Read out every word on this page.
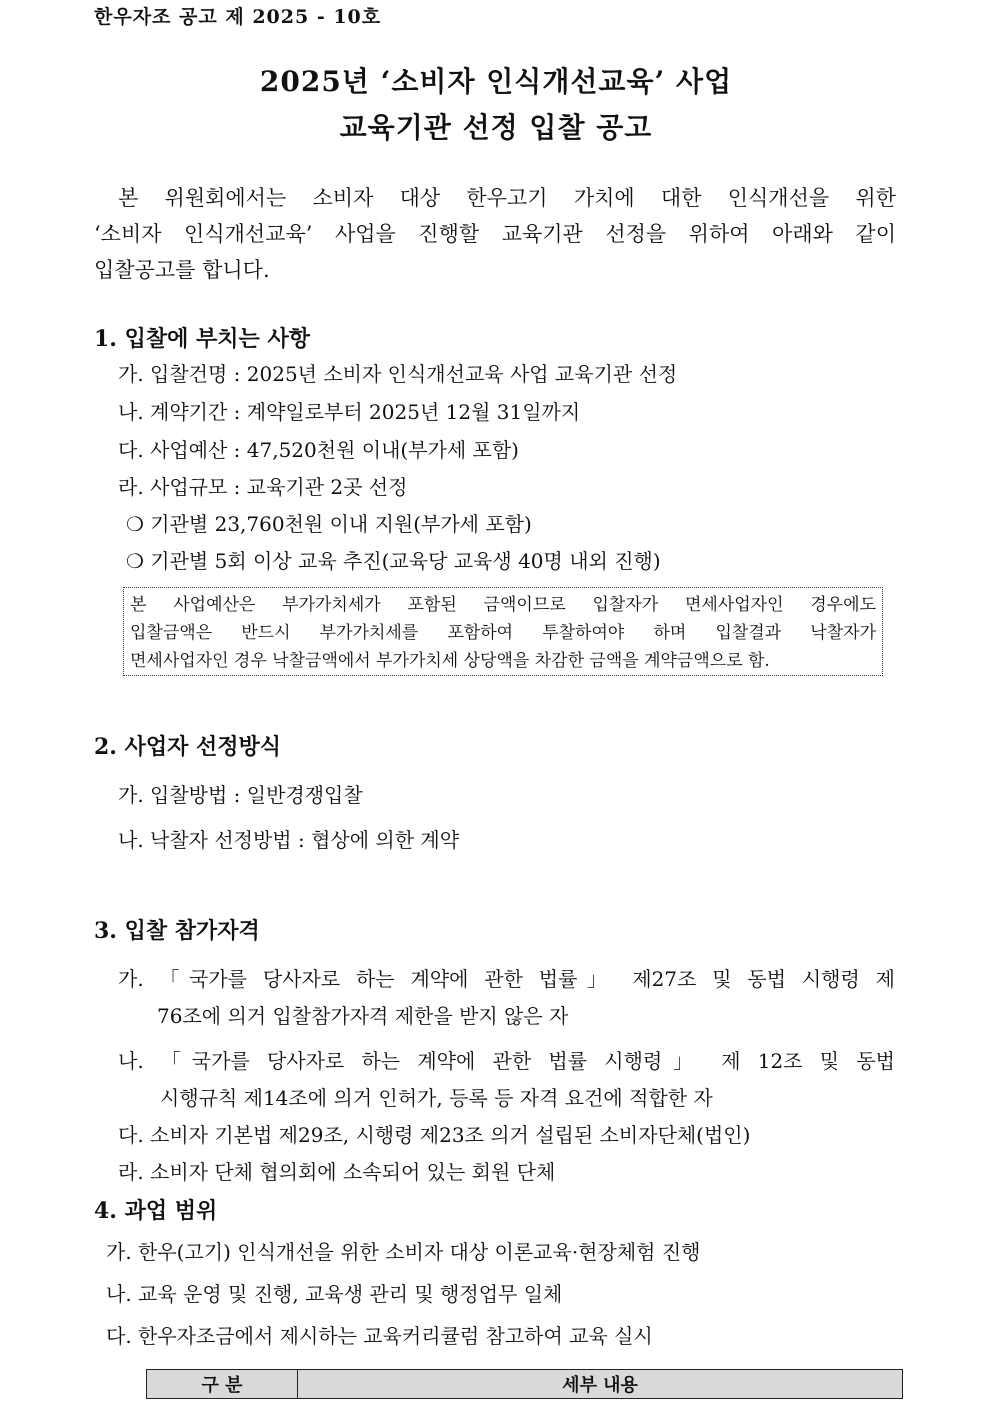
한우자조 공고 제 2025 - 10호
2025년 ‘소비자 인식개선교육’ 사업
교육기관 선정 입찰 공고
본 위원회에서는 소비자 대상 한우고기 가치에 대한 인식개선을 위한
‘소비자 인식개선교육’ 사업을 진행할 교육기관 선정을 위하여 아래와 같이
입찰공고를 합니다.
1. 입찰에 부치는 사항
가. 입찰건명 : 2025년 소비자 인식개선교육 사업 교육기관 선정
나. 계약기간 : 계약일로부터 2025년 12월 31일까지
다. 사업예산 : 47,520천원 이내(부가세 포함)
라. 사업규모 : 교육기관 2곳 선정
❍ 기관별 23,760천원 이내 지원(부가세 포함)
❍ 기관별 5회 이상 교육 추진(교육당 교육생 40명 내외 진행)
본 사업예산은 부가가치세가 포함된 금액이므로 입찰자가 면세사업자인 경우에도
입찰금액은 반드시 부가가치세를 포함하여 투찰하여야 하며 입찰결과 낙찰자가
면세사업자인 경우 낙찰금액에서 부가가치세 상당액을 차감한 금액을 계약금액으로 함.
2. 사업자 선정방식
가. 입찰방법 : 일반경쟁입찰
나. 낙찰자 선정방법 : 협상에 의한 계약
3. 입찰 참가자격
가. 「국가를 당사자로 하는 계약에 관한 법률」 제27조 및 동법 시행령 제
76조에 의거 입찰참가자격 제한을 받지 않은 자
나. 「국가를 당사자로 하는 계약에 관한 법률 시행령」 제 12조 및 동법
시행규칙 제14조에 의거 인허가, 등록 등 자격 요건에 적합한 자
다. 소비자 기본법 제29조, 시행령 제23조 의거 설립된 소비자단체(법인)
라. 소비자 단체 협의회에 소속되어 있는 회원 단체
4. 과업 범위
가. 한우(고기) 인식개선을 위한 소비자 대상 이론교육·현장체험 진행
나. 교육 운영 및 진행, 교육생 관리 및 행정업무 일체
다. 한우자조금에서 제시하는 교육커리큘럼 참고하여 교육 실시
구 분	세부 내용
